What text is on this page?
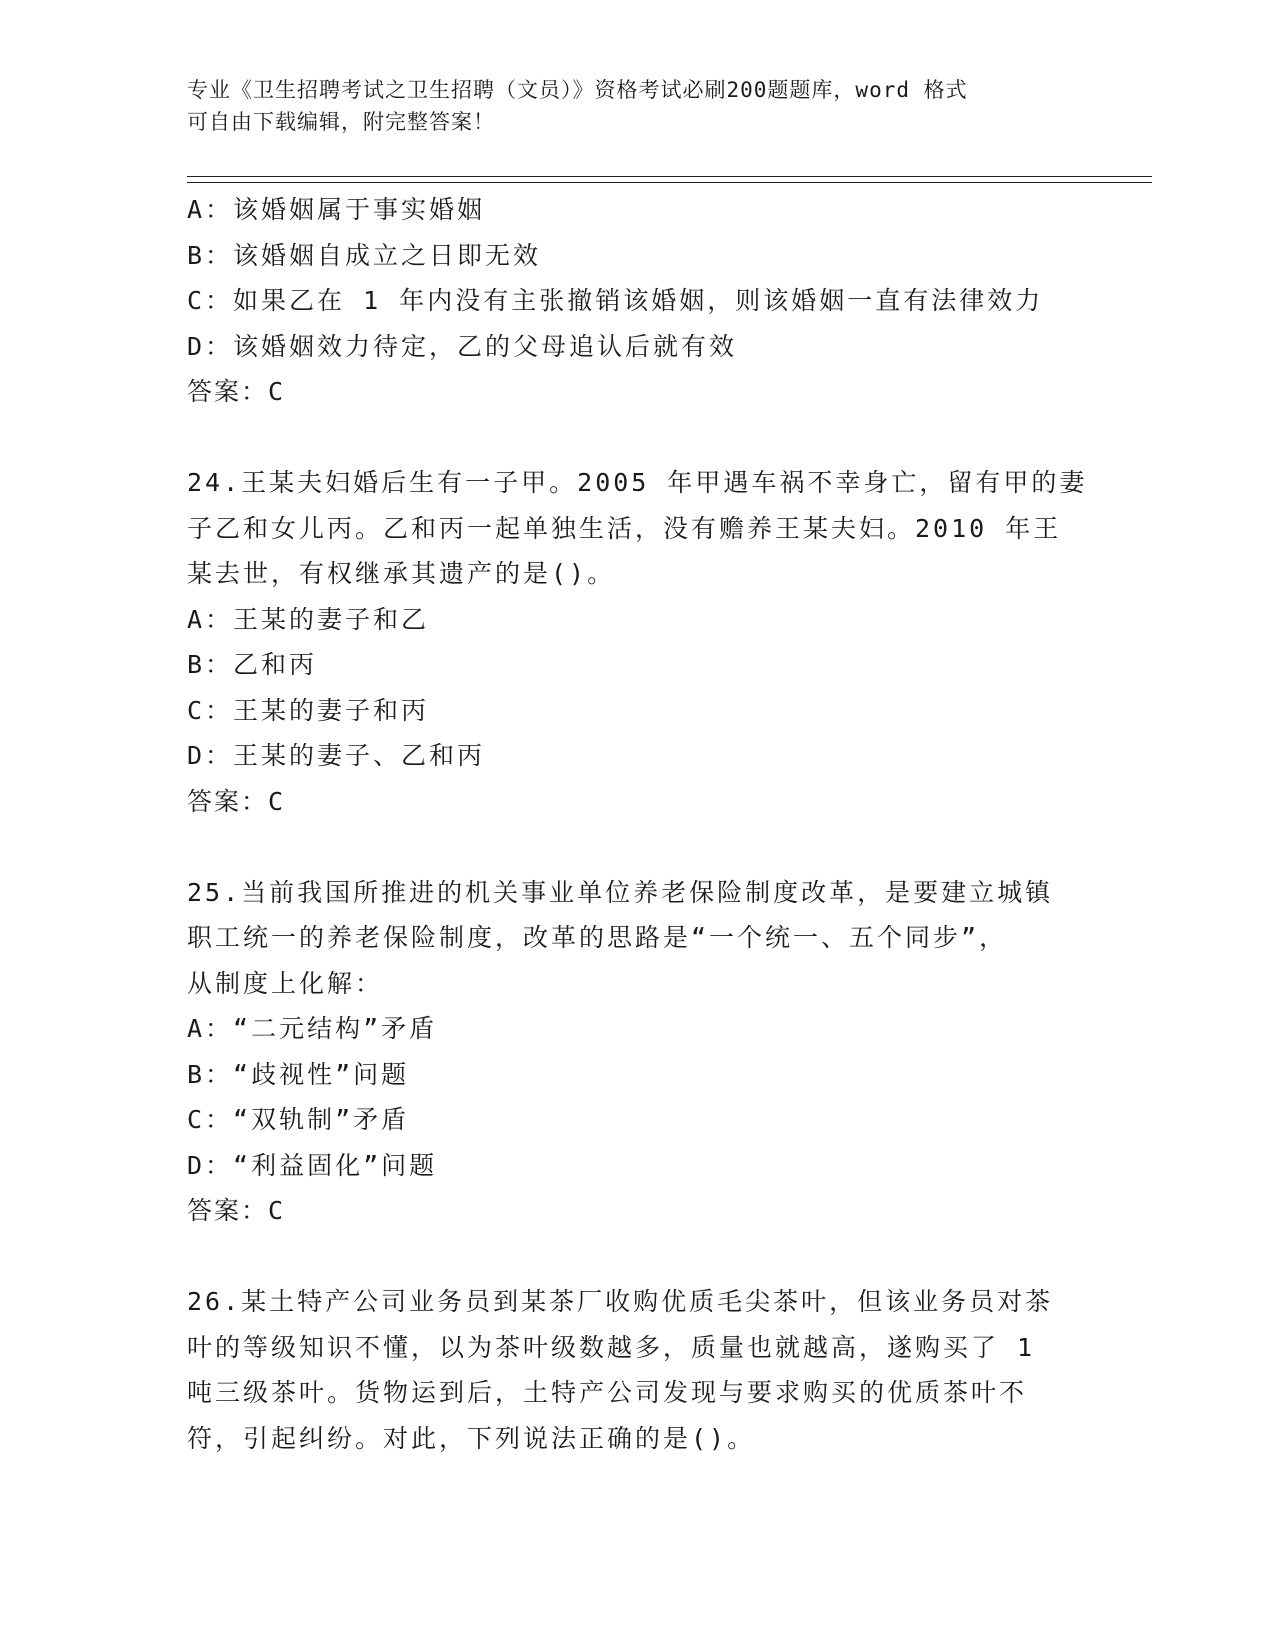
专业《卫生招聘考试之卫生招聘（文员）》资格考试必刷200题题库，word 格式
可自由下载编辑，附完整答案！
A：该婚姻属于事实婚姻
B：该婚姻自成立之日即无效
C：如果乙在 1 年内没有主张撤销该婚姻，则该婚姻一直有法律效力
D：该婚姻效力待定，乙的父母追认后就有效
答案：C
24.王某夫妇婚后生有一子甲。2005 年甲遇车祸不幸身亡，留有甲的妻
子乙和女儿丙。乙和丙一起单独生活，没有赡养王某夫妇。2010 年王
某去世，有权继承其遗产的是()。
A：王某的妻子和乙
B：乙和丙
C：王某的妻子和丙
D：王某的妻子、乙和丙
答案：C
25.当前我国所推进的机关事业单位养老保险制度改革，是要建立城镇
职工统一的养老保险制度，改革的思路是“一个统一、五个同步”，
从制度上化解：
A：“二元结构”矛盾
B：“歧视性”问题
C：“双轨制”矛盾
D：“利益固化”问题
答案：C
26.某土特产公司业务员到某茶厂收购优质毛尖茶叶，但该业务员对茶
叶的等级知识不懂，以为茶叶级数越多，质量也就越高，遂购买了 1
吨三级茶叶。货物运到后，土特产公司发现与要求购买的优质茶叶不
符，引起纠纷。对此，下列说法正确的是()。
